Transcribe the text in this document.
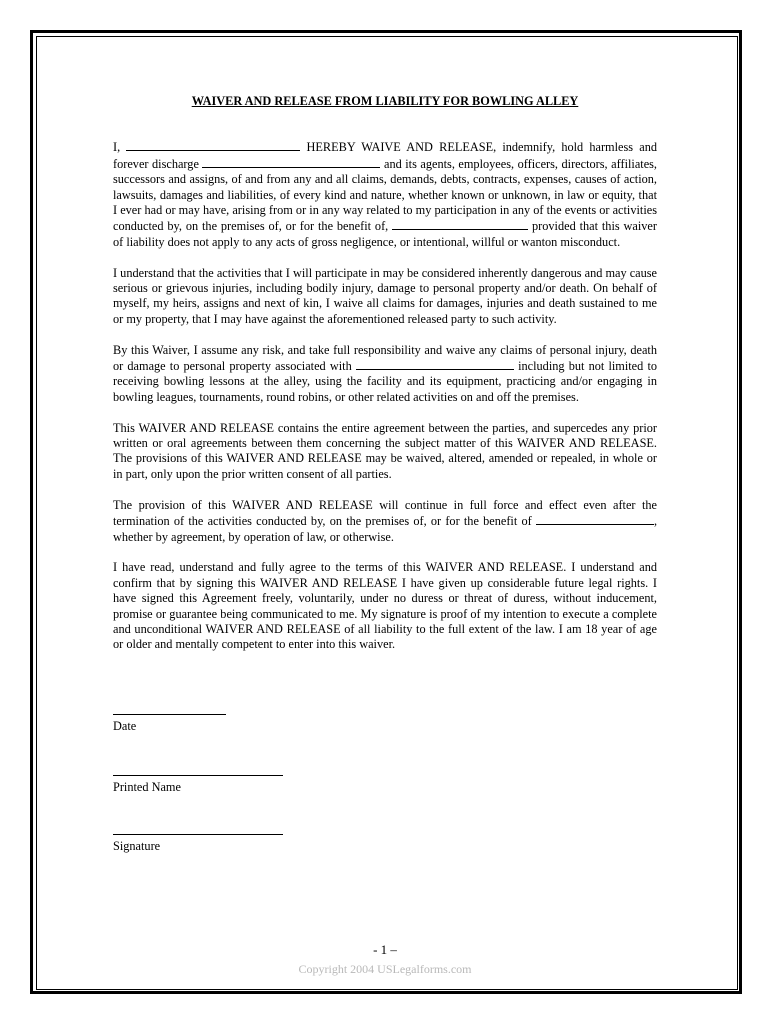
WAIVER AND RELEASE FROM LIABILITY FOR BOWLING ALLEY

I,	HEREBY WAIVE AND RELEASE, indemnify, hold harmless and forever discharge	and its agents, employees, officers, directors, affiliates, successors and assigns, of and from any and all claims, demands, debts, contracts, expenses, causes of action, lawsuits, damages and liabilities, of every kind and nature, whether known or unknown, in law or equity, that I ever had or may have, arising from or in any way related to my participation in any of the events or activities conducted by, on the premises of, or for the benefit of,	provided that this waiver of liability does not apply to any acts of gross negligence, or intentional, willful or wanton misconduct.

I understand that the activities that I will participate in may be considered inherently dangerous and may cause serious or grievous injuries, including bodily injury, damage to personal property and/or death. On behalf of myself, my heirs, assigns and next of kin, I waive all claims for damages, injuries and death sustained to me or my property, that I may have against the aforementioned released party to such activity.

By this Waiver, I assume any risk, and take full responsibility and waive any claims of personal injury, death or damage to personal property associated with	including but not limited to receiving bowling lessons at the alley, using the facility and its equipment, practicing and/or engaging in bowling leagues, tournaments, round robins, or other related activities on and off the premises.

This WAIVER AND RELEASE contains the entire agreement between the parties, and supercedes any prior written or oral agreements between them concerning the subject matter of this WAIVER AND RELEASE. The provisions of this WAIVER AND RELEASE may be waived, altered, amended or repealed, in whole or in part, only upon the prior written consent of all parties.

The provision of this WAIVER AND RELEASE will continue in full force and effect even after the termination of the activities conducted by, on the premises of, or for the benefit of	, whether by agreement, by operation of law, or otherwise.

I have read, understand and fully agree to the terms of this WAIVER AND RELEASE. I understand and confirm that by signing this WAIVER AND RELEASE I have given up considerable future legal rights. I have signed this Agreement freely, voluntarily, under no duress or threat of duress, without inducement, promise or guarantee being communicated to me. My signature is proof of my intention to execute a complete and unconditional WAIVER AND RELEASE of all liability to the full extent of the law. I am 18 year of age or older and mentally competent to enter into this waiver.

Date
Printed Name
Signature
- 1 –
Copyright 2004 USLegalforms.com
